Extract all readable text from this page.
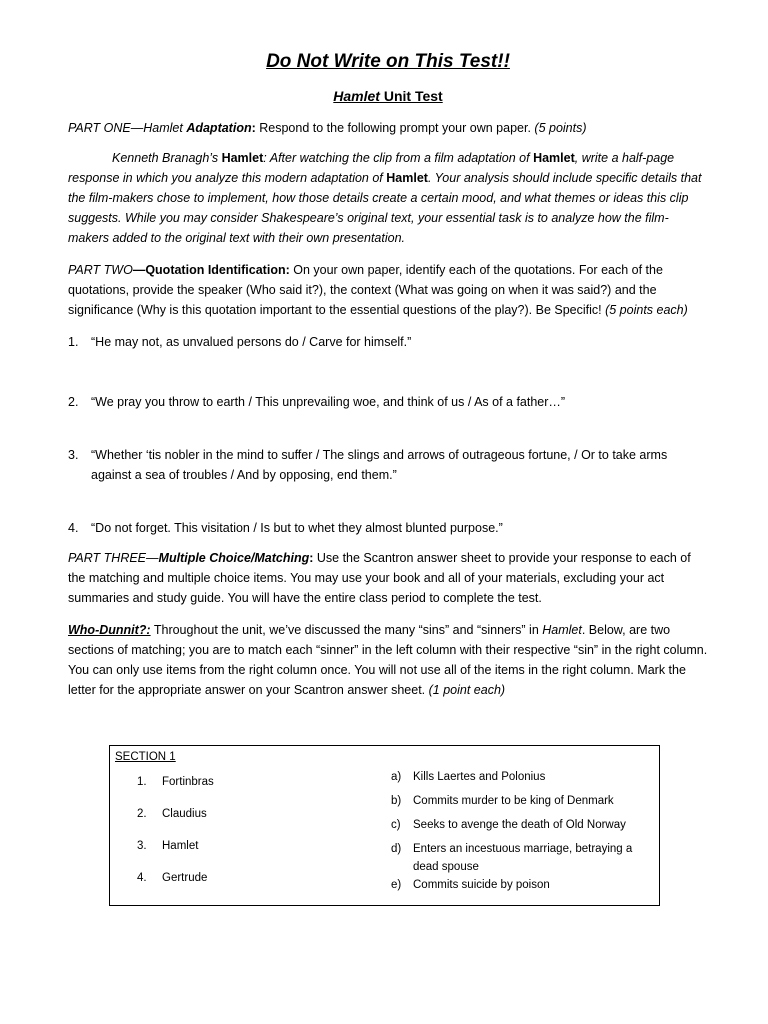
Do Not Write on This Test!!
Hamlet Unit Test
PART ONE—Hamlet Adaptation: Respond to the following prompt your own paper. (5 points)
Kenneth Branagh’s Hamlet: After watching the clip from a film adaptation of Hamlet, write a half-page response in which you analyze this modern adaptation of Hamlet. Your analysis should include specific details that the film-makers chose to implement, how those details create a certain mood, and what themes or ideas this clip suggests. While you may consider Shakespeare’s original text, your essential task is to analyze how the film-makers added to the original text with their own presentation.
PART TWO—Quotation Identification: On your own paper, identify each of the quotations. For each of the quotations, provide the speaker (Who said it?), the context (What was going on when it was said?) and the significance (Why is this quotation important to the essential questions of the play?). Be Specific! (5 points each)
1.	“He may not, as unvalued persons do / Carve for himself.”
2.	“We pray you throw to earth / This unprevailing woe, and think of us / As of a father…”
3.	“Whether ‘tis nobler in the mind to suffer / The slings and arrows of outrageous fortune, / Or to take arms against a sea of troubles / And by opposing, end them.”
4.	“Do not forget. This visitation / Is but to whet they almost blunted purpose.”
PART THREE—Multiple Choice/Matching: Use the Scantron answer sheet to provide your response to each of the matching and multiple choice items. You may use your book and all of your materials, excluding your act summaries and study guide. You will have the entire class period to complete the test.
Who-Dunnit?: Throughout the unit, we’ve discussed the many “sins” and “sinners” in Hamlet. Below, are two sections of matching; you are to match each “sinner” in the left column with their respective “sin” in the right column. You can only use items from the right column once. You will not use all of the items in the right column. Mark the letter for the appropriate answer on your Scantron answer sheet. (1 point each)
SECTION 1
1.	Fortinbras
2.	Claudius
3.	Hamlet
4.	Gertrude
a)	Kills Laertes and Polonius
b)	Commits murder to be king of Denmark
c)	Seeks to avenge the death of Old Norway
d)	Enters an incestuous marriage, betraying a dead spouse
e)	Commits suicide by poison
